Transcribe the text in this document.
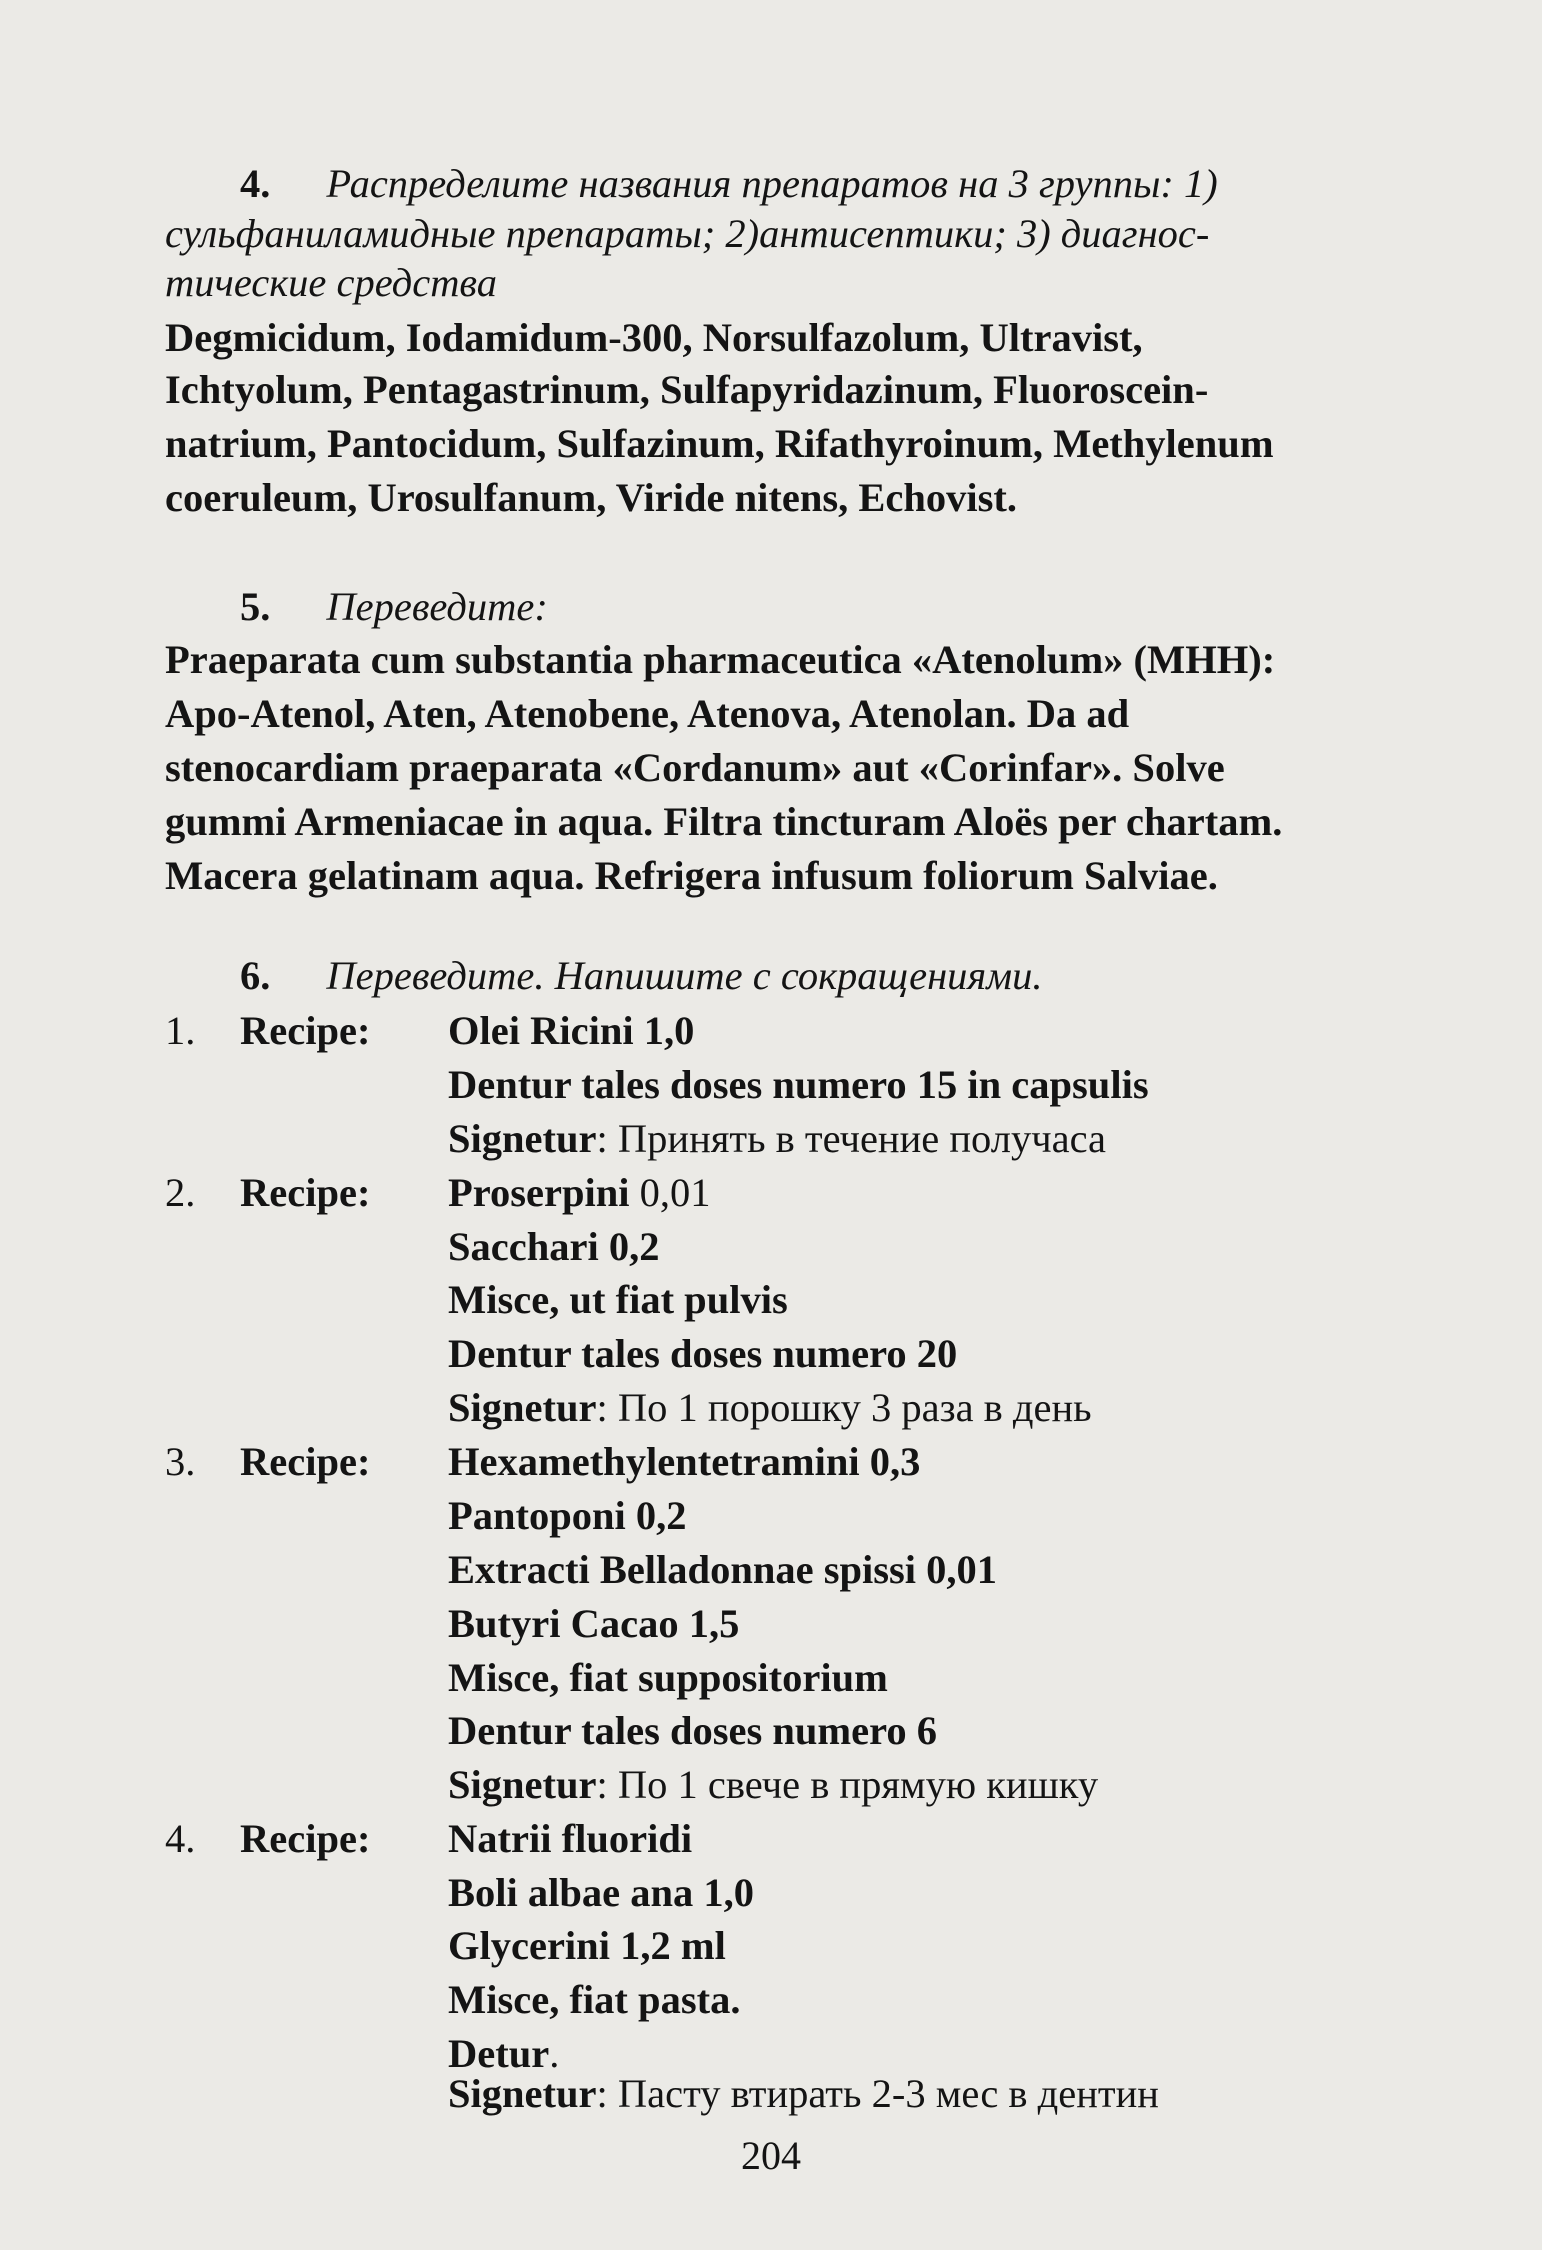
4. Распределите названия препаратов на 3 группы: 1)
сульфаниламидные препараты; 2)антисептики; 3) диагнос-
тические средства
Degmicidum, Iodamidum-300, Norsulfazolum, Ultravist,
Ichtyolum, Pentagastrinum, Sulfapyridazinum, Fluoroscein-
natrium, Pantocidum, Sulfazinum, Rifathyroinum, Methylenum
coeruleum, Urosulfanum, Viride nitens, Echovist.
5. Переведите:
Praeparata cum substantia pharmaceutica «Atenolum» (МНН):
Apo-Atenol, Aten, Atenobene, Atenova, Atenolan. Da ad
stenocardiam praeparata «Cordanum» aut «Corinfar». Solve
gummi Armeniacae in aqua. Filtra tincturam Aloës per chartam.
Macera gelatinam aqua. Refrigera infusum foliorum Salviae.
6. Переведите. Напишите с сокращениями.
1. Recipe: Olei Ricini 1,0
Dentur tales doses numero 15 in capsulis
Signetur: Принять в течение получаса
2. Recipe: Proserpini 0,01
Sacchari 0,2
Misce, ut fiat pulvis
Dentur tales doses numero 20
Signetur: По 1 порошку 3 раза в день
3. Recipe: Hexamethylentetramini 0,3
Pantoponi 0,2
Extracti Belladonnae spissi 0,01
Butyri Cacao 1,5
Misce, fiat suppositorium
Dentur tales doses numero 6
Signetur: По 1 свече в прямую кишку
4. Recipe: Natrii fluoridi
Boli albae ana 1,0
Glycerini 1,2 ml
Misce, fiat pasta.
Detur.
Signetur: Пасту втирать 2-3 мес в дентин
204
